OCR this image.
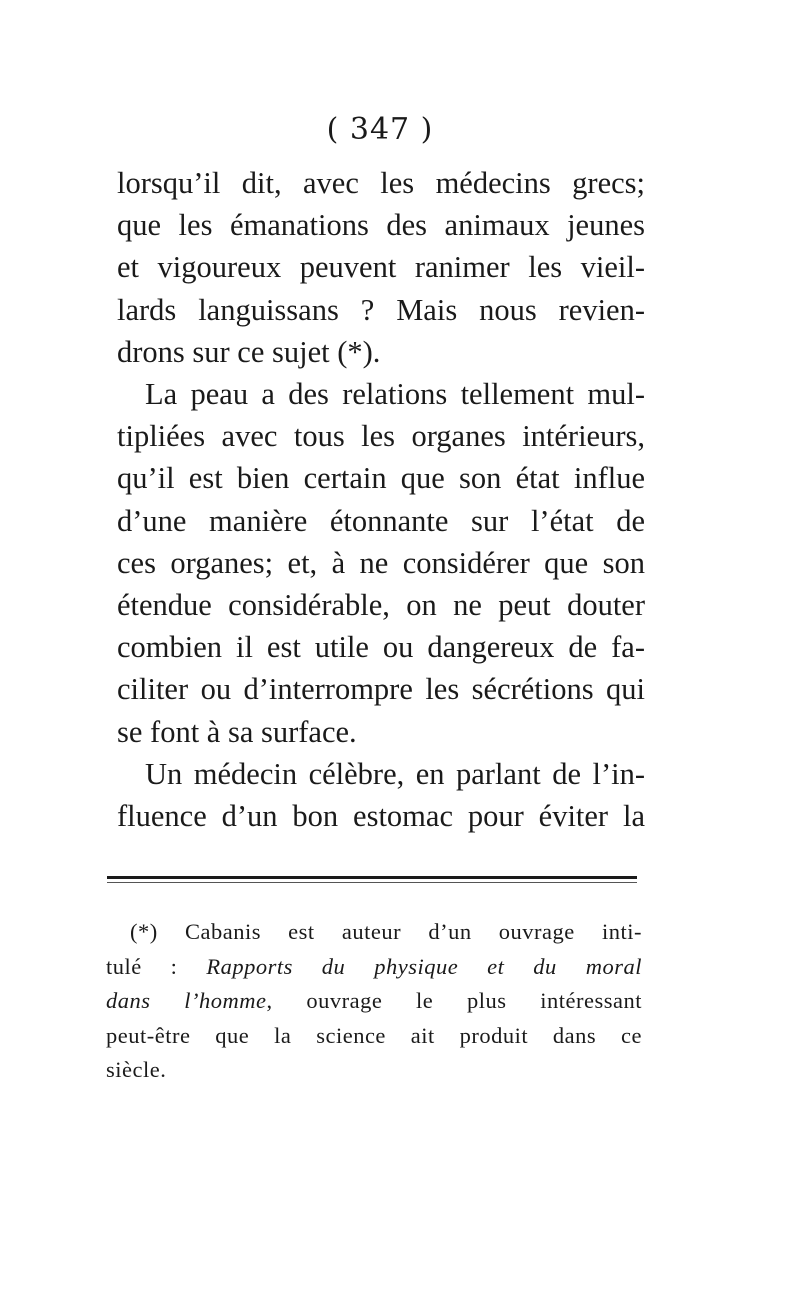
( 347 )
lorsqu’il dit, avec les médecins grecs;
que les émanations des animaux jeunes
et vigoureux peuvent ranimer les vieil-
lards languissans ? Mais nous revien-
drons sur ce sujet (*).
La peau a des relations tellement mul-
tipliées avec tous les organes intérieurs,
qu’il est bien certain que son état influe
d’une manière étonnante sur l’état de
ces organes; et, à ne considérer que son
étendue considérable, on ne peut douter
combien il est utile ou dangereux de fa-
ciliter ou d’interrompre les sécrétions qui
se font à sa surface.
Un médecin célèbre, en parlant de l’in-
fluence d’un bon estomac pour éviter la
(*) Cabanis est auteur d’un ouvrage inti-
tulé : Rapports du physique et du moral
dans l’homme, ouvrage le plus intéressant
peut-être que la science ait produit dans ce
siècle.
